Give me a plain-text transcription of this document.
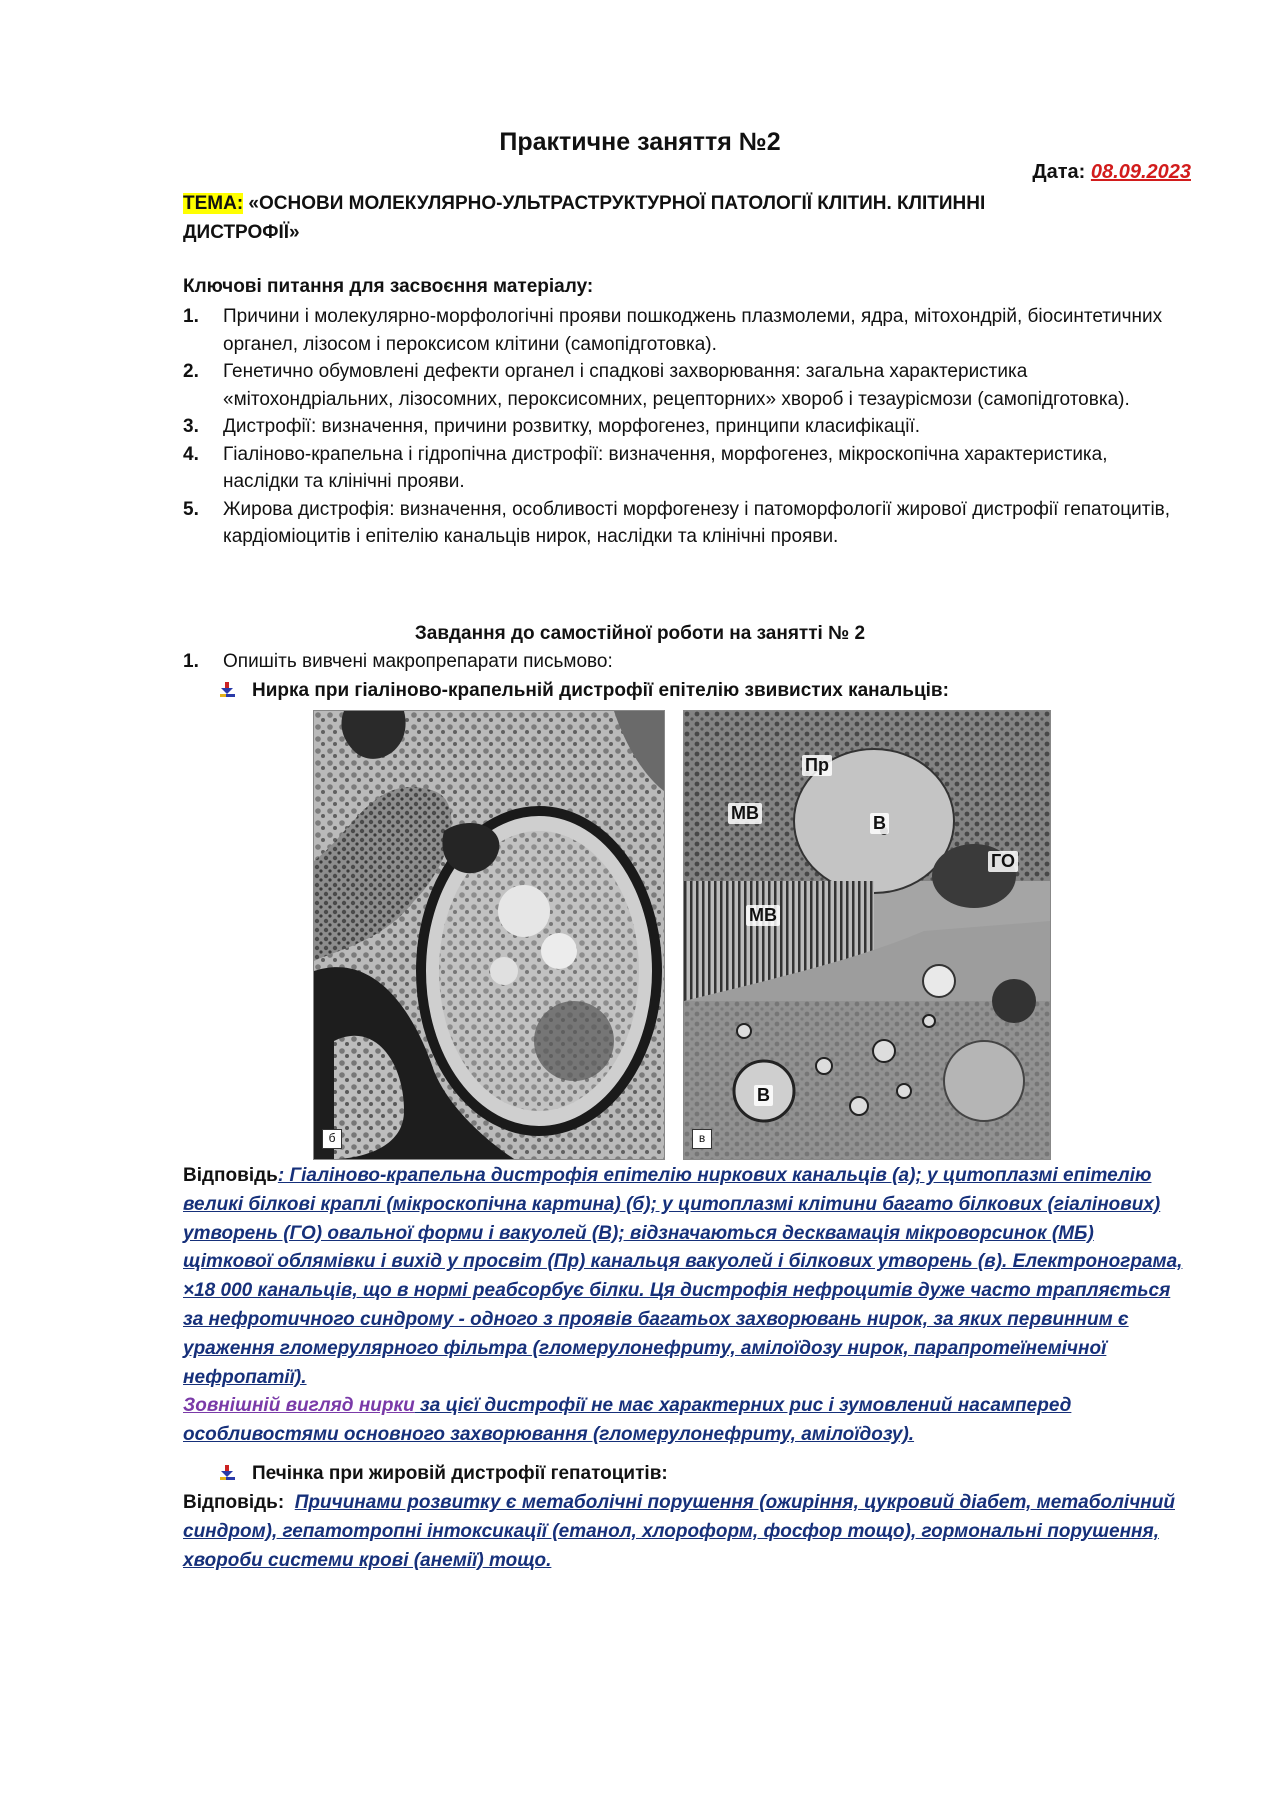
Практичне заняття №2
Дата: 08.09.2023
ТЕМА: «ОСНОВИ МОЛЕКУЛЯРНО-УЛЬТРАСТРУКТУРНОЇ ПАТОЛОГІЇ КЛІТИН. КЛІТИННІ ДИСТРОФІЇ»
Ключові питання для засвоєння матеріалу:
1. Причини і молекулярно-морфологічні прояви пошкоджень плазмолеми, ядра, мітохондрій, біосинтетичних органел, лізосом і пероксисом клітини (самопідготовка).
2. Генетично обумовлені дефекти органел і спадкові захворювання: загальна характеристика «мітохондріальних, лізосомних, пероксисомних, рецепторних» хвороб і тезаурісмози (самопідготовка).
3. Дистрофії: визначення, причини розвитку, морфогенез, принципи класифікації.
4. Гіаліново-крапельна і гідропічна дистрофії: визначення, морфогенез, мікроскопічна характеристика, наслідки та клінічні прояви.
5. Жирова дистрофія: визначення, особливості морфогенезу і патоморфології жирової дистрофії гепатоцитів, кардіоміоцитів і епітелію канальців нирок, наслідки та клінічні прояви.
Завдання до самостійної роботи на занятті № 2
1. Опишіть вивчені макропрепарати письмово:
Нирка при гіаліново-крапельній дистрофії епітелію звивистих канальців:
б
Пр
МВ	В
ГО
МВ
В
в
Відповідь: Гіаліново-крапельна дистрофія епітелію ниркових канальців (а); у цитоплазмі епітелію великі білкові краплі (мікроскопічна картина) (б); у цитоплазмі клітини багато білкових (гіалінових) утворень (ГО) овальної форми і вакуолей (В); відзначаються десквамація мікроворсинок (МБ) щіткової облямівки і вихід у просвіт (Пр) канальця вакуолей і білкових утворень (в). Електронограма, ×18 000 канальців, що в нормі реабсорбує білки. Ця дистрофія нефроцитів дуже часто трапляється за нефротичного синдрому - одного з проявів багатьох захворювань нирок, за яких первинним є ураження гломерулярного фільтра (гломерулонефриту, амілоїдозу нирок, парапротеїнемічної нефропатії).
Зовнішній вигляд нирки за цієї дистрофії не має характерних рис і зумовлений насамперед особливостями основного захворювання (гломерулонефриту, амілоїдозу).
Печінка при жировій дистрофії гепатоцитів:
Відповідь: Причинами розвитку є метаболічні порушення (ожиріння, цукровий діабет, метаболічний синдром), гепатотропні інтоксикації (етанол, хлороформ, фосфор тощо), гормональні порушення, хвороби системи крові (анемії) тощо.
